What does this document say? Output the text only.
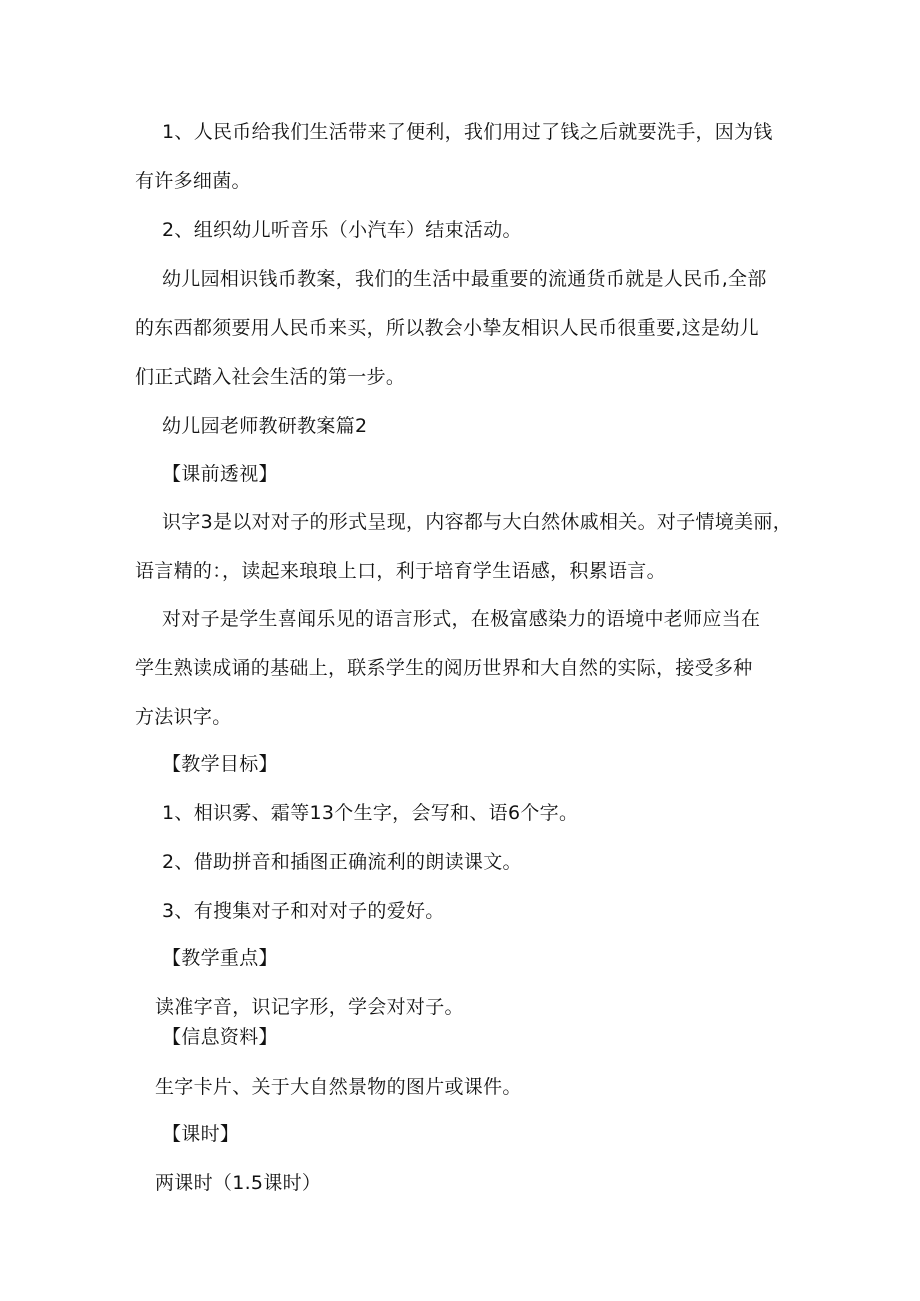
1、人民币给我们生活带来了便利，我们用过了钱之后就要洗手，因为钱

有许多细菌。

2、组织幼儿听音乐（小汽车）结束活动。

幼儿园相识钱币教案，我们的生活中最重要的流通货币就是人民币,全部

的东西都须要用人民币来买，所以教会小挚友相识人民币很重要,这是幼儿

们正式踏入社会生活的第一步。

幼儿园老师教研教案篇2

【课前透视】

识字3是以对对子的形式呈现，内容都与大白然休戚相关。对子情境美丽，

语言精的：，读起来琅琅上口，利于培育学生语感，积累语言。

对对子是学生喜闻乐见的语言形式，在极富感染力的语境中老师应当在

学生熟读成诵的基础上，联系学生的阅历世界和大自然的实际，接受多种

方法识字。

【教学目标】

1、相识雾、霜等13个生字，会写和、语6个字。

2、借助拼音和插图正确流利的朗读课文。

3、有搜集对子和对对子的爱好。

【教学重点】

读准字音，识记字形，学会对对子。

【信息资料】

生字卡片、关于大自然景物的图片或课件。

【课时】

两课时（1.5课时）
